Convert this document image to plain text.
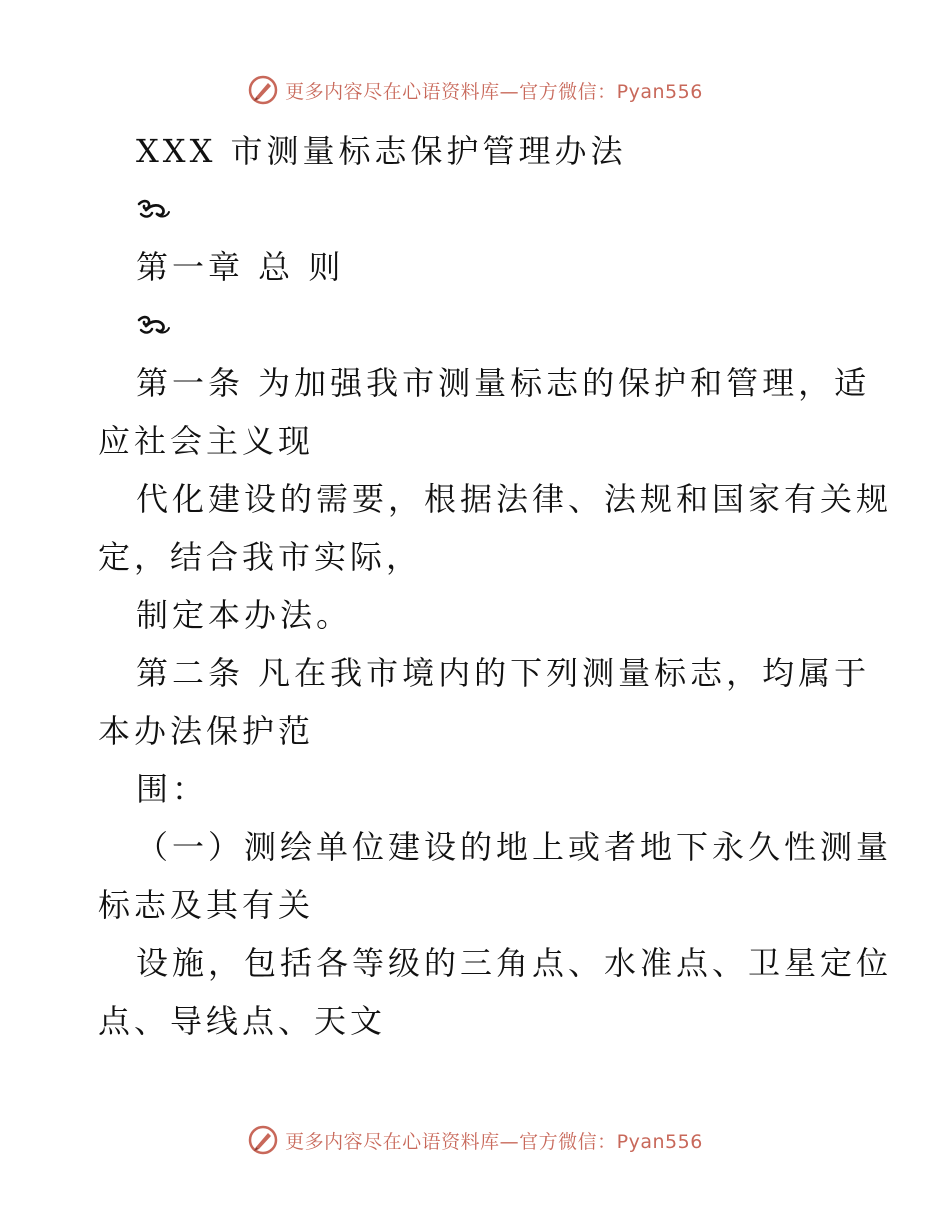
更多内容尽在心语资料库—官方微信：Pyan556
XXX 市测量标志保护管理办法
第一章 总 则
第一条 为加强我市测量标志的保护和管理，适
应社会主义现
代化建设的需要，根据法律、法规和国家有关规
定，结合我市实际，
制定本办法。
第二条 凡在我市境内的下列测量标志，均属于
本办法保护范
围：
（一）测绘单位建设的地上或者地下永久性测量
标志及其有关
设施，包括各等级的三角点、水准点、卫星定位
点、导线点、天文
更多内容尽在心语资料库—官方微信：Pyan556
